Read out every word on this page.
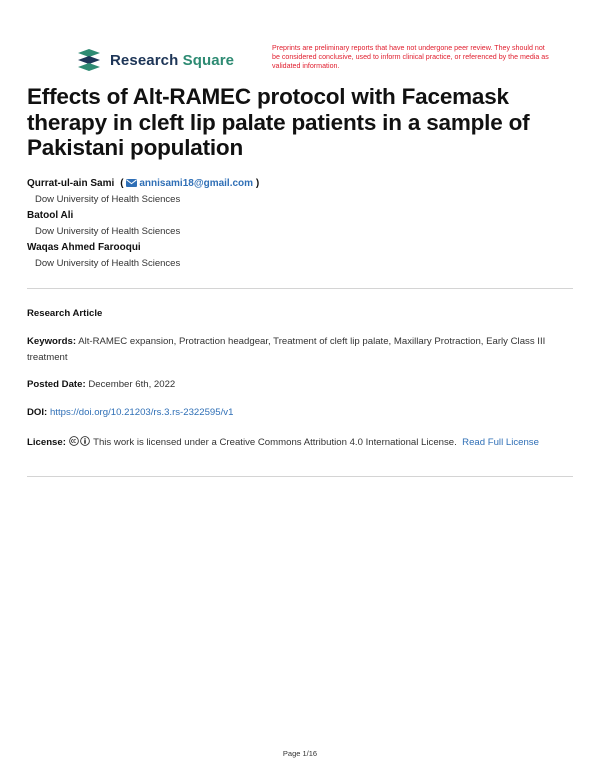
Research Square
Preprints are preliminary reports that have not undergone peer review. They should not be considered conclusive, used to inform clinical practice, or referenced by the media as validated information.
Effects of Alt-RAMEC protocol with Facemask therapy in cleft lip palate patients in a sample of Pakistani population
Qurrat-ul-ain Sami ( annisami18@gmail.com )
Dow University of Health Sciences
Batool Ali
Dow University of Health Sciences
Waqas Ahmed Farooqui
Dow University of Health Sciences
Research Article
Keywords: Alt-RAMEC expansion, Protraction headgear, Treatment of cleft lip palate, Maxillary Protraction, Early Class III treatment
Posted Date: December 6th, 2022
DOI: https://doi.org/10.21203/rs.3.rs-2322595/v1
License:	This work is licensed under a Creative Commons Attribution 4.0 International License. Read Full License
Page 1/16
